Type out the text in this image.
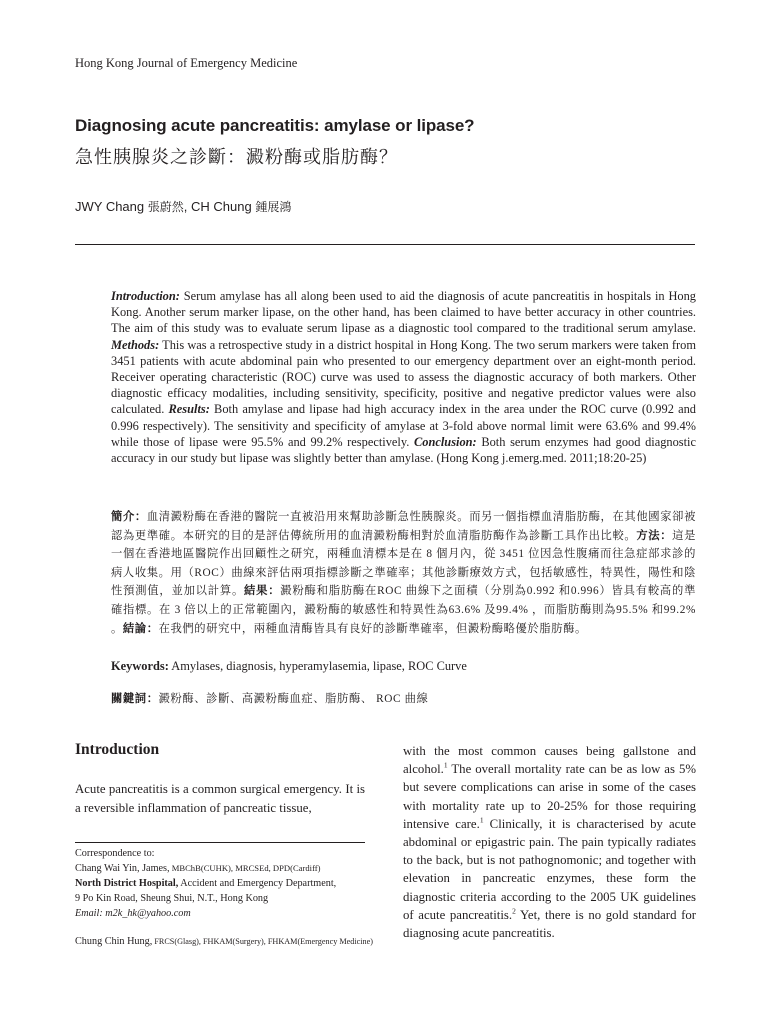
Hong Kong Journal of Emergency Medicine
Diagnosing acute pancreatitis: amylase or lipase?
急性胰腺炎之診斷：澱粉酶或脂肪酶？
JWY Chang 張蔚然, CH Chung 鍾展鴻
Introduction: Serum amylase has all along been used to aid the diagnosis of acute pancreatitis in hospitals in Hong Kong. Another serum marker lipase, on the other hand, has been claimed to have better accuracy in other countries. The aim of this study was to evaluate serum lipase as a diagnostic tool compared to the traditional serum amylase. Methods: This was a retrospective study in a district hospital in Hong Kong. The two serum markers were taken from 3451 patients with acute abdominal pain who presented to our emergency department over an eight-month period. Receiver operating characteristic (ROC) curve was used to assess the diagnostic accuracy of both markers. Other diagnostic efficacy modalities, including sensitivity, specificity, positive and negative predictor values were also calculated. Results: Both amylase and lipase had high accuracy index in the area under the ROC curve (0.992 and 0.996 respectively). The sensitivity and specificity of amylase at 3-fold above normal limit were 63.6% and 99.4% while those of lipase were 95.5% and 99.2% respectively. Conclusion: Both serum enzymes had good diagnostic accuracy in our study but lipase was slightly better than amylase. (Hong Kong j.emerg.med. 2011;18:20-25)
簡介：血清澱粉酶在香港的醫院一直被沿用來幫助診斷急性胰腺炎。而另一個指標血清脂肪酶，在其他國家卻被認為更準確。本研究的目的是評估傳統所用的血清澱粉酶相對於血清脂肪酶作為診斷工具作出比較。方法：這是一個在香港地區醫院作出回顧性之研究，兩種血清標本是在 8 個月內，從 3451 位因急性腹痛而往急症部求診的病人收集。用（ROC）曲線來評估兩項指標診斷之準確率；其他診斷療效方式，包括敏感性，特異性，陽性和陰性預測值，並加以計算。結果：澱粉酶和脂肪酶在ROC 曲線下之面積（分別為0.992 和0.996）皆具有較高的準確指標。在 3 倍以上的正常範圍內，澱粉酶的敏感性和特異性為63.6% 及99.4% ，而脂肪酶則為95.5% 和99.2% 。結論：在我們的研究中，兩種血清酶皆具有良好的診斷準確率，但澱粉酶略優於脂肪酶。
Keywords: Amylases, diagnosis, hyperamylasemia, lipase, ROC Curve
關鍵詞：澱粉酶、診斷、高澱粉酶血症、脂肪酶、 ROC 曲線
Introduction
Acute pancreatitis is a common surgical emergency. It is a reversible inflammation of pancreatic tissue,
Correspondence to:
Chang Wai Yin, James, MBChB(CUHK), MRCSEd, DPD(Cardiff)
North District Hospital, Accident and Emergency Department,
9 Po Kin Road, Sheung Shui, N.T., Hong Kong
Email: m2k_hk@yahoo.com
Chung Chin Hung, FRCS(Glasg), FHKAM(Surgery), FHKAM(Emergency Medicine)
with the most common causes being gallstone and alcohol.$^1$ The overall mortality rate can be as low as 5% but severe complications can arise in some of the cases with mortality rate up to 20-25% for those requiring intensive care.$^1$ Clinically, it is characterised by acute abdominal or epigastric pain. The pain typically radiates to the back, but is not pathognomonic; and together with elevation in pancreatic enzymes, these form the diagnostic criteria according to the 2005 UK guidelines of acute pancreatitis.$^2$ Yet, there is no gold standard for diagnosing acute pancreatitis.
